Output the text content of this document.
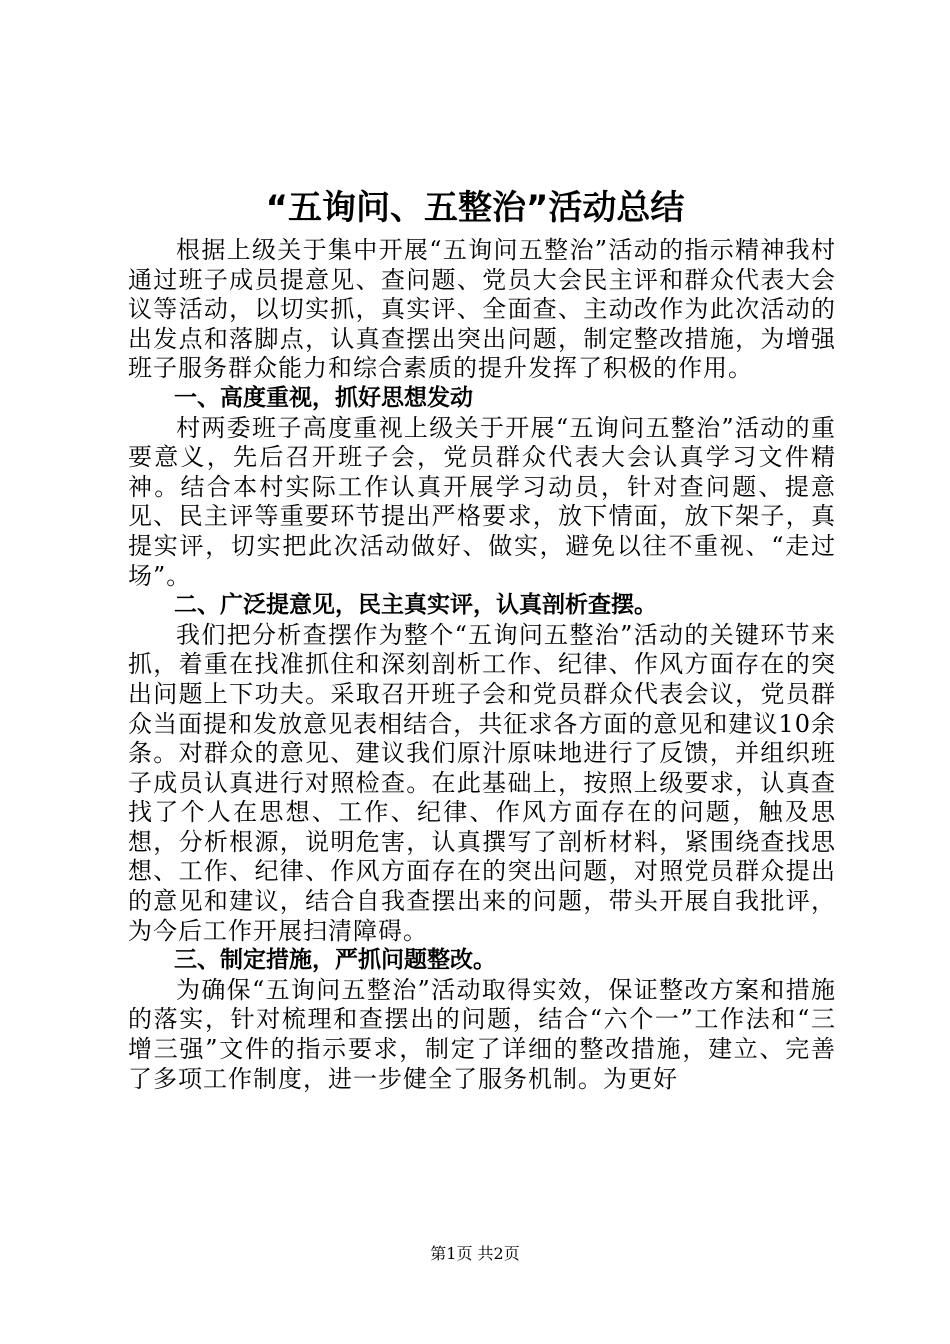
“五询问、五整治”活动总结

根据上级关于集中开展“五询问五整治”活动的指示精神我村通过班子成员提意见、查问题、党员大会民主评和群众代表大会议等活动，以切实抓，真实评、全面查、主动改作为此次活动的出发点和落脚点，认真查摆出突出问题，制定整改措施，为增强班子服务群众能力和综合素质的提升发挥了积极的作用。

一、高度重视，抓好思想发动

村两委班子高度重视上级关于开展“五询问五整治”活动的重要意义，先后召开班子会，党员群众代表大会认真学习文件精神。结合本村实际工作认真开展学习动员，针对查问题、提意见、民主评等重要环节提出严格要求，放下情面，放下架子，真提实评，切实把此次活动做好、做实，避免以往不重视、“走过场”。

二、广泛提意见，民主真实评，认真剖析查摆。

我们把分析查摆作为整个“五询问五整治”活动的关键环节来抓，着重在找准抓住和深刻剖析工作、纪律、作风方面存在的突出问题上下功夫。采取召开班子会和党员群众代表会议，党员群众当面提和发放意见表相结合，共征求各方面的意见和建议10余条。对群众的意见、建议我们原汁原味地进行了反馈，并组织班子成员认真进行对照检查。在此基础上，按照上级要求，认真查找了个人在思想、工作、纪律、作风方面存在的问题，触及思想，分析根源，说明危害，认真撰写了剖析材料，紧围绕查找思想、工作、纪律、作风方面存在的突出问题，对照党员群众提出的意见和建议，结合自我查摆出来的问题，带头开展自我批评，为今后工作开展扫清障碍。

三、制定措施，严抓问题整改。

为确保“五询问五整治”活动取得实效，保证整改方案和措施的落实，针对梳理和查摆出的问题，结合“六个一”工作法和“三增三强”文件的指示要求，制定了详细的整改措施，建立、完善了多项工作制度，进一步健全了服务机制。为更好

第1页 共2页
